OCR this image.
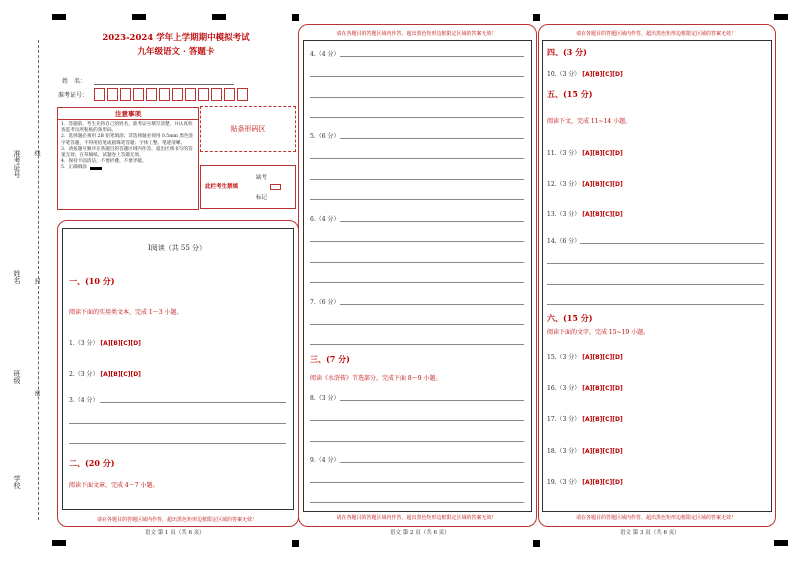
准考证号 线
姓名 封
班级
密
学校
2023-2024 学年上学期期中模拟考试
九年级语文 · 答题卡
姓　名：
准考证号：
注意事项
1．答题前，考生先将自己的姓名，准考证号填写清楚，并认真检查监考员所粘贴的条形码。
2．选择题必须用 2B 铅笔填涂；非选择题必须用 0.5mm 黑色签字笔答题，不得用铅笔或圆珠笔答题；字体工整、笔迹清晰。
3．请按题号顺序在各题目的答题区域内作答，超出区域书写的答案无效；在草稿纸、试题卷上答题无效。
4．保持卡面清洁，不要折叠、不要弄破。
5．正确填涂
贴条形码区
此栏考生禁填
缺考
标记
Ⅰ阅读（共 55 分）
一、(10 分)
阅读下面的实用类文本，完成 1～3 小题。
1.（3 分） [A][B][C][D]
2.（3 分） [A][B][C][D]
3.（4 分）
二、(20 分)
阅读下面文章，完成 4～7 小题。
请在各题目的答题区域内作答，超出黑色矩形边框限定区域的答案无效！
语文 第 1 页（共 6 页）
请在各题目的答题区域内作答，超出黑色矩形边框限定区域的答案无效！
4.（4 分）
5.（6 分）
6.（4 分）
7.（6 分）
三、(7 分)
阅读《水浒传》节选部分，完成下面 8～9 小题。
8.（3 分）
9.（4 分）
请在各题目的答题区域内作答，超出黑色矩形边框限定区域的答案无效！
语文 第 2 页（共 6 页）
请在各题目的答题区域内作答，超出黑色矩形边框限定区域的答案无效！
四、(3 分)
10.（3 分） [A][B][C][D]
五、(15 分)
阅读下文，完成 11~14 小题。
11.（3 分） [A][B][C][D]
12.（3 分） [A][B][C][D]
13.（3 分） [A][B][C][D]
14.（6 分）
六、(15 分)
阅读下面的文字，完成 15~19 小题。
15.（3 分） [A][B][C][D]
16.（3 分） [A][B][C][D]
17.（3 分） [A][B][C][D]
18.（3 分） [A][B][C][D]
19.（3 分） [A][B][C][D]
请在各题目的答题区域内作答，超出黑色矩形边框限定区域的答案无效！
语文 第 3 页（共 6 页）
